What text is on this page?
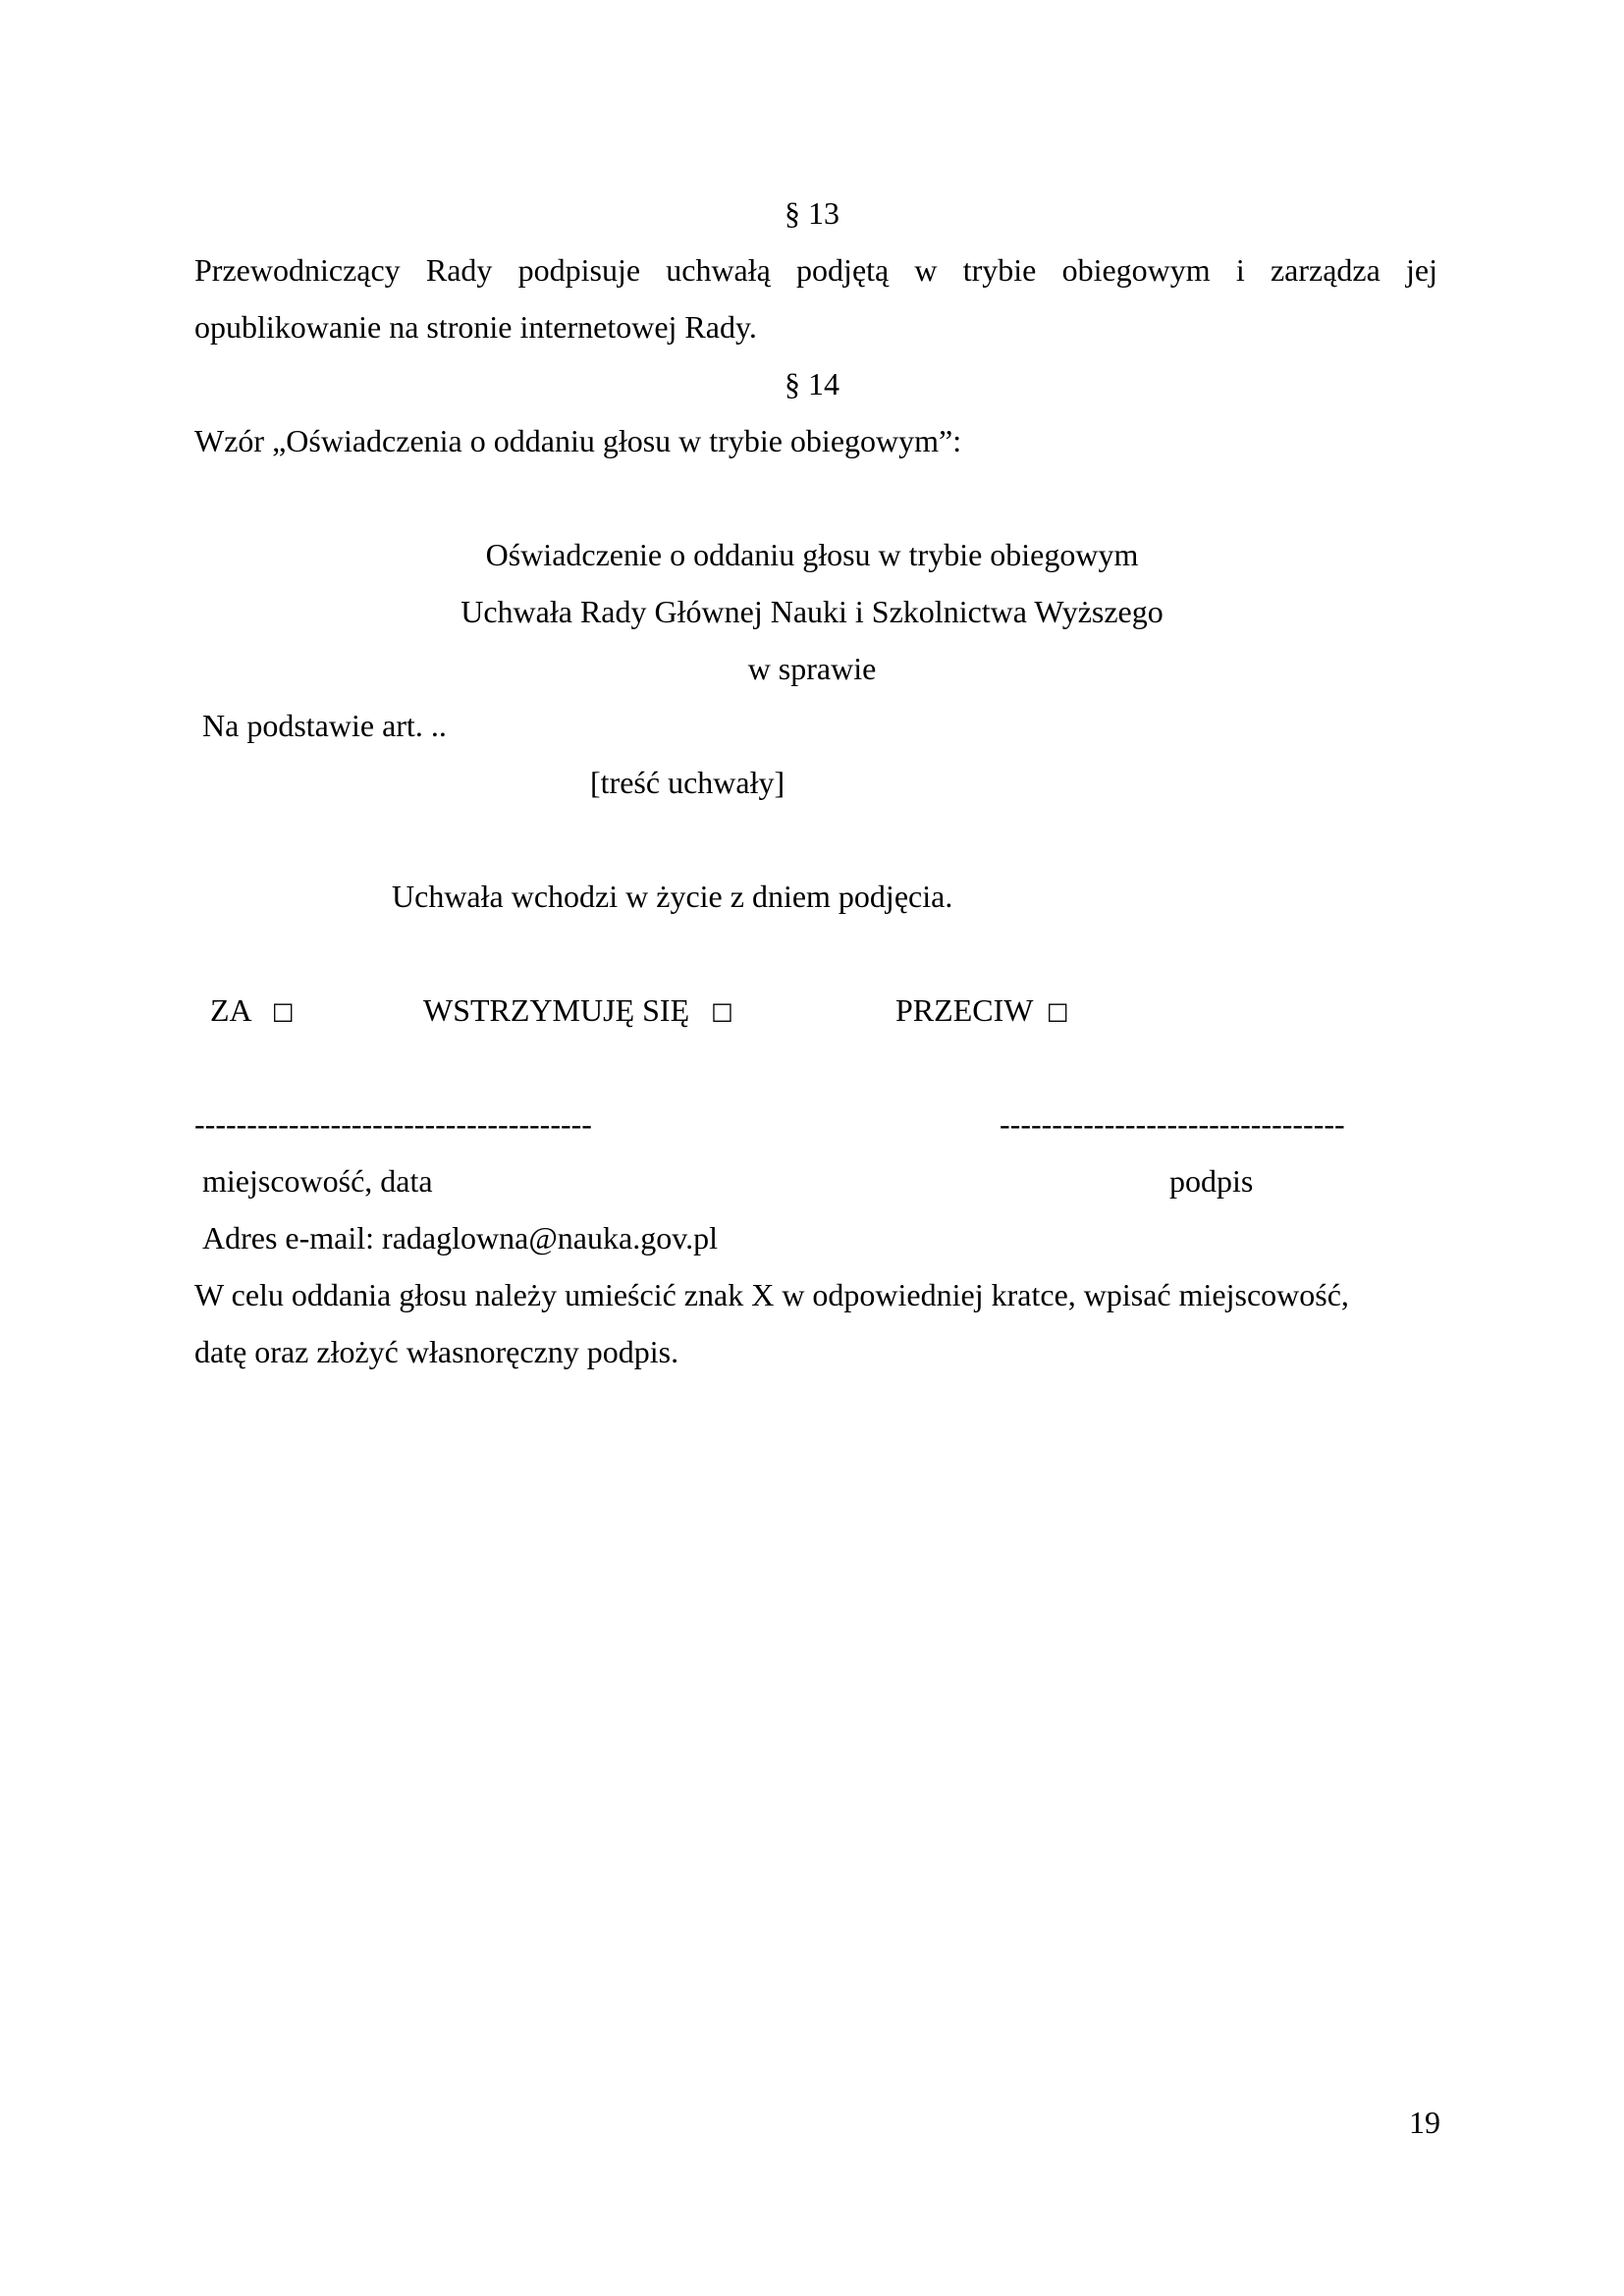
§ 13
Przewodniczący Rady podpisuje uchwałą podjętą w trybie obiegowym i zarządza jej
opublikowanie na stronie internetowej Rady.
§ 14
Wzór „Oświadczenia o oddaniu głosu w trybie obiegowym”:
Oświadczenie o oddaniu głosu w trybie obiegowym
Uchwała Rady Głównej Nauki i Szkolnictwa Wyższego
w sprawie
Na podstawie art. ..
[treść uchwały]
Uchwała wchodzi w życie z dniem podjęcia.
ZA □	WSTRZYMUJĘ SIĘ □	PRZECIW □
--------------------------------------	---------------------------------
miejscowość, data	podpis
Adres e-mail: radaglowna@nauka.gov.pl
W celu oddania głosu należy umieścić znak X w odpowiedniej kratce, wpisać miejscowość,
datę oraz złożyć własnoręczny podpis.
19
